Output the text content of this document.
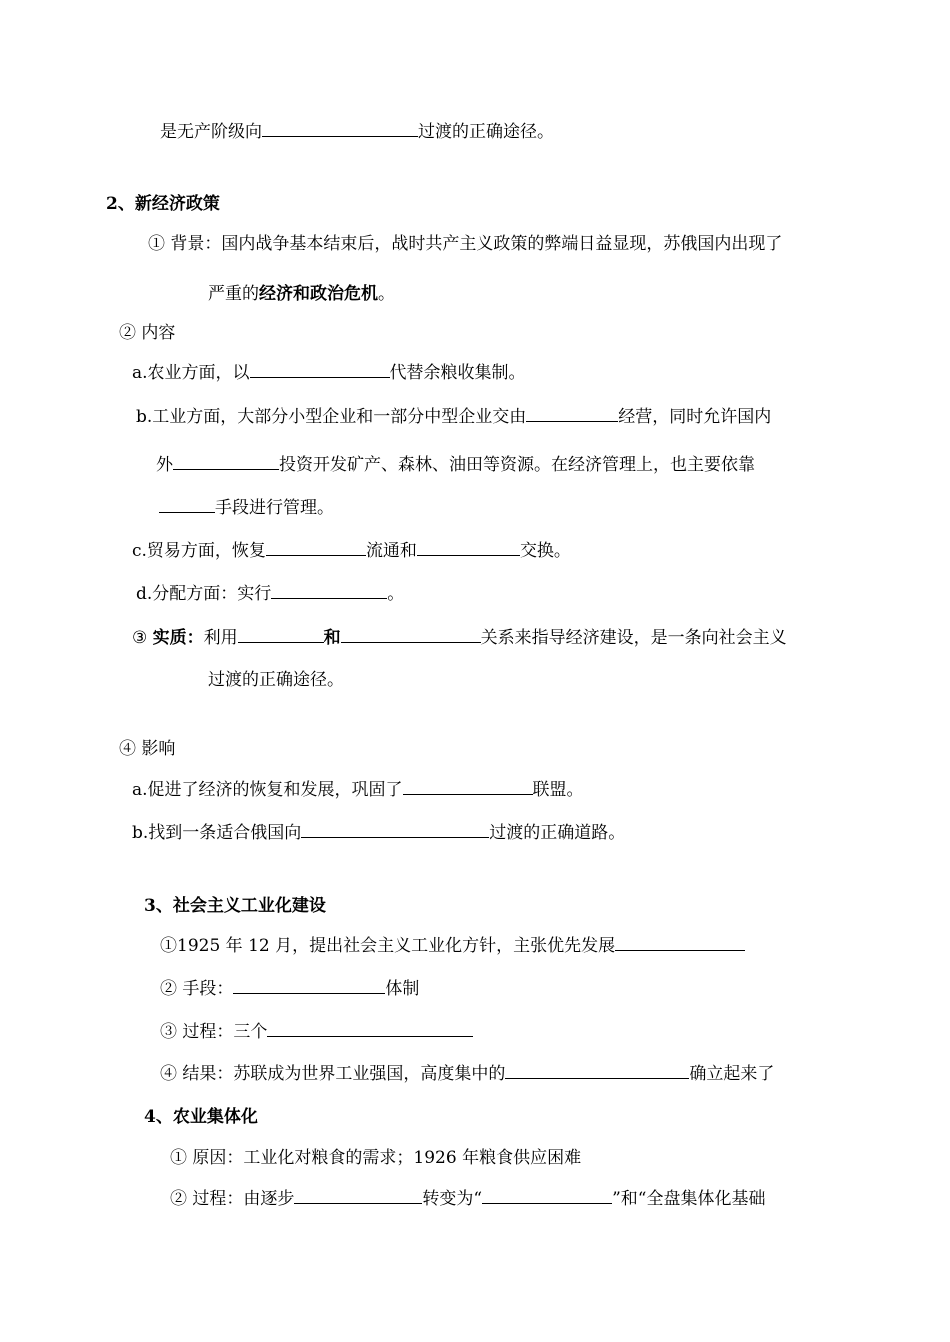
是无产阶级向	过渡的正确途径。
2、新经济政策
① 背景：国内战争基本结束后，战时共产主义政策的弊端日益显现，苏俄国内出现了
严重的经济和政治危机。
② 内容
a.农业方面，以	代替余粮收集制。
b.工业方面，大部分小型企业和一部分中型企业交由	经营，同时允许国内
外	投资开发矿产、森林、油田等资源。在经济管理上，也主要依靠
手段进行管理。
c.贸易方面，恢复	流通和	交换。
d.分配方面：实行	。
③ 实质：利用	和	关系来指导经济建设，是一条向社会主义
过渡的正确途径。
④ 影响
a.促进了经济的恢复和发展，巩固了	联盟。
b.找到一条适合俄国向	过渡的正确道路。
3、社会主义工业化建设
①1925 年 12 月，提出社会主义工业化方针，主张优先发展
② 手段：	体制
③ 过程：三个
④ 结果：苏联成为世界工业强国，高度集中的	确立起来了
4、农业集体化
① 原因：工业化对粮食的需求；1926 年粮食供应困难
② 过程：由逐步	转变为“	”和“全盘集体化基础
